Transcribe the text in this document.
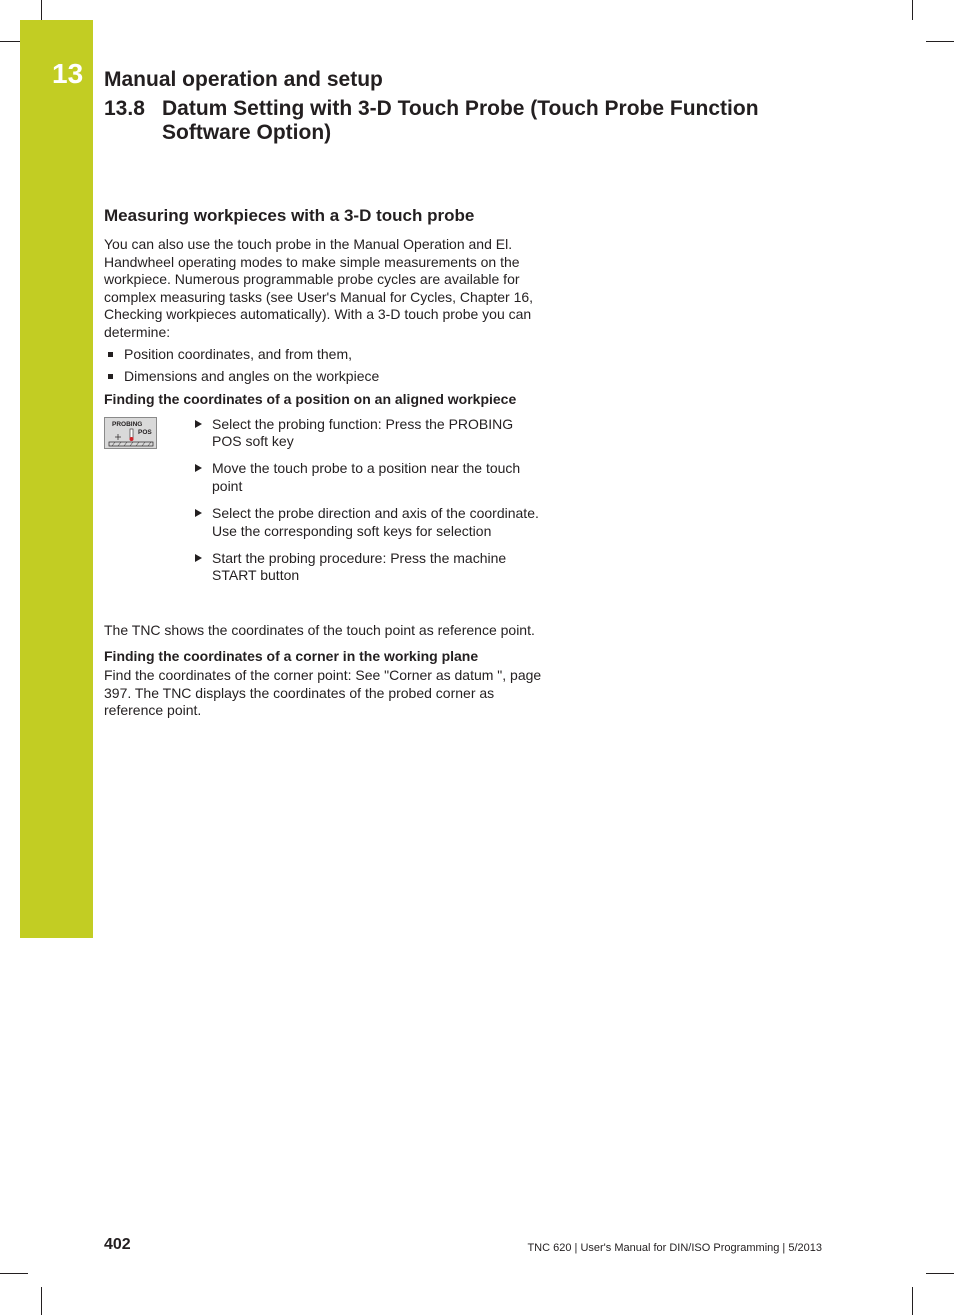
13 Manual operation and setup
13.8 Datum Setting with 3-D Touch Probe (Touch Probe Function
Software Option)
Measuring workpieces with a 3-D touch probe

You can also use the touch probe in the Manual Operation and El. Handwheel operating modes to make simple measurements on the workpiece. Numerous programmable probe cycles are available for complex measuring tasks (see User's Manual for Cycles, Chapter 16, Checking workpieces automatically). With a 3-D touch probe you can determine:

Position coordinates, and from them,
Dimensions and angles on the workpiece
Finding the coordinates of a position on an aligned workpiece
PROBING
POS
Select the probing function: Press the PROBING POS soft key
Move the touch probe to a position near the touch point
Select the probe direction and axis of the coordinate. Use the corresponding soft keys for selection
Start the probing procedure: Press the machine START button

The TNC shows the coordinates of the touch point as reference point.

Finding the coordinates of a corner in the working plane

Find the coordinates of the corner point: See "Corner as datum ", page 397. The TNC displays the coordinates of the probed corner as reference point.

402	TNC 620 | User's Manual for DIN/ISO Programming | 5/2013
